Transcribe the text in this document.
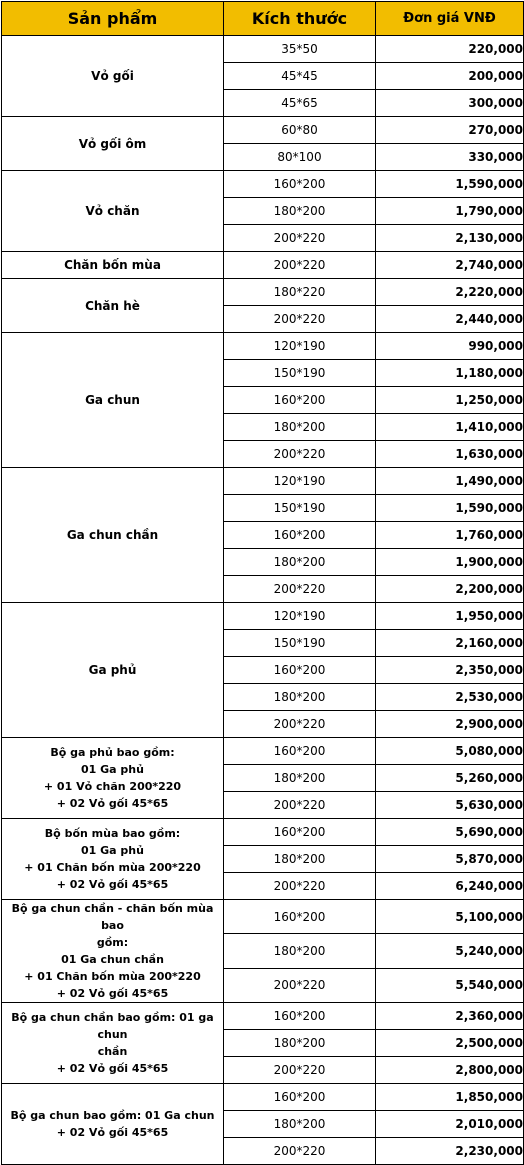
Sản phẩm	Kích thước	Đơn giá VNĐ

Vỏ gối	35*50	220,000
	45*45	200,000
	45*65	300,000

Vỏ gối ôm	60*80	270,000
	80*100	330,000

Vỏ chăn	160*200	1,590,000
	180*200	1,790,000
	200*220	2,130,000

Chăn bốn mùa	200*220	2,740,000

Chăn hè	180*220	2,220,000
	200*220	2,440,000

Ga chun	120*190	990,000
	150*190	1,180,000
	160*200	1,250,000
	180*200	1,410,000
	200*220	1,630,000

Ga chun chần	120*190	1,490,000
	150*190	1,590,000
	160*200	1,760,000
	180*200	1,900,000
	200*220	2,200,000

Ga phủ	120*190	1,950,000
	150*190	2,160,000
	160*200	2,350,000
	180*200	2,530,000
	200*220	2,900,000

Bộ ga phủ bao gồm:
01 Ga phủ
+ 01 Vỏ chăn 200*220
+ 02 Vỏ gối 45*65	160*200	5,080,000
	180*200	5,260,000
	200*220	5,630,000

Bộ bốn mùa bao gồm:
01 Ga phủ
+ 01 Chăn bốn mùa 200*220
+ 02 Vỏ gối 45*65	160*200	5,690,000
	180*200	5,870,000
	200*220	6,240,000

Bộ ga chun chần - chăn bốn mùa bao
gồm:
01 Ga chun chần
+ 01 Chăn bốn mùa 200*220
+ 02 Vỏ gối 45*65	160*200	5,100,000
	180*200	5,240,000
	200*220	5,540,000

Bộ ga chun chần bao gồm: 01 ga chun
chần
+ 02 Vỏ gối 45*65	160*200	2,360,000
	180*200	2,500,000
	200*220	2,800,000

Bộ ga chun bao gồm: 01 Ga chun
+ 02 Vỏ gối 45*65	160*200	1,850,000
	180*200	2,010,000
	200*220	2,230,000
